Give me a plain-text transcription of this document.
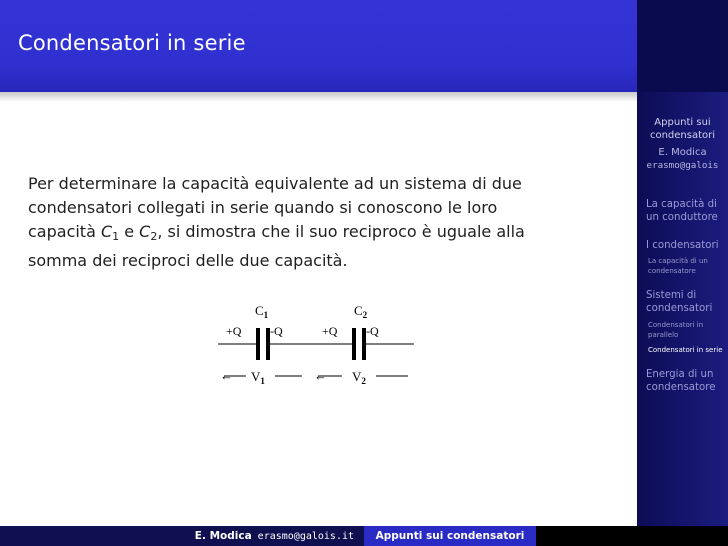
Condensatori in serie
Appunti sui
condensatori
E. Modica
erasmo@galois
La capacità di
un conduttore
I condensatori
La capacità di un
condensatore
Sistemi di
condensatori
Condensatori in
parallelo
Condensatori in serie
Energia di un
condensatore
Per determinare la capacità equivalente ad un sistema di due
condensatori collegati in serie quando si conoscono le loro
capacità $C_1$ e $C_2$, si dimostra che il suo reciproco è uguale alla
somma dei reciproci delle due capacità.
$C_1$	$C_2$
+Q -Q	+Q -Q
← $V_1$	← $V_2$
E. Modica erasmo@galois.it	Appunti sui condensatori
